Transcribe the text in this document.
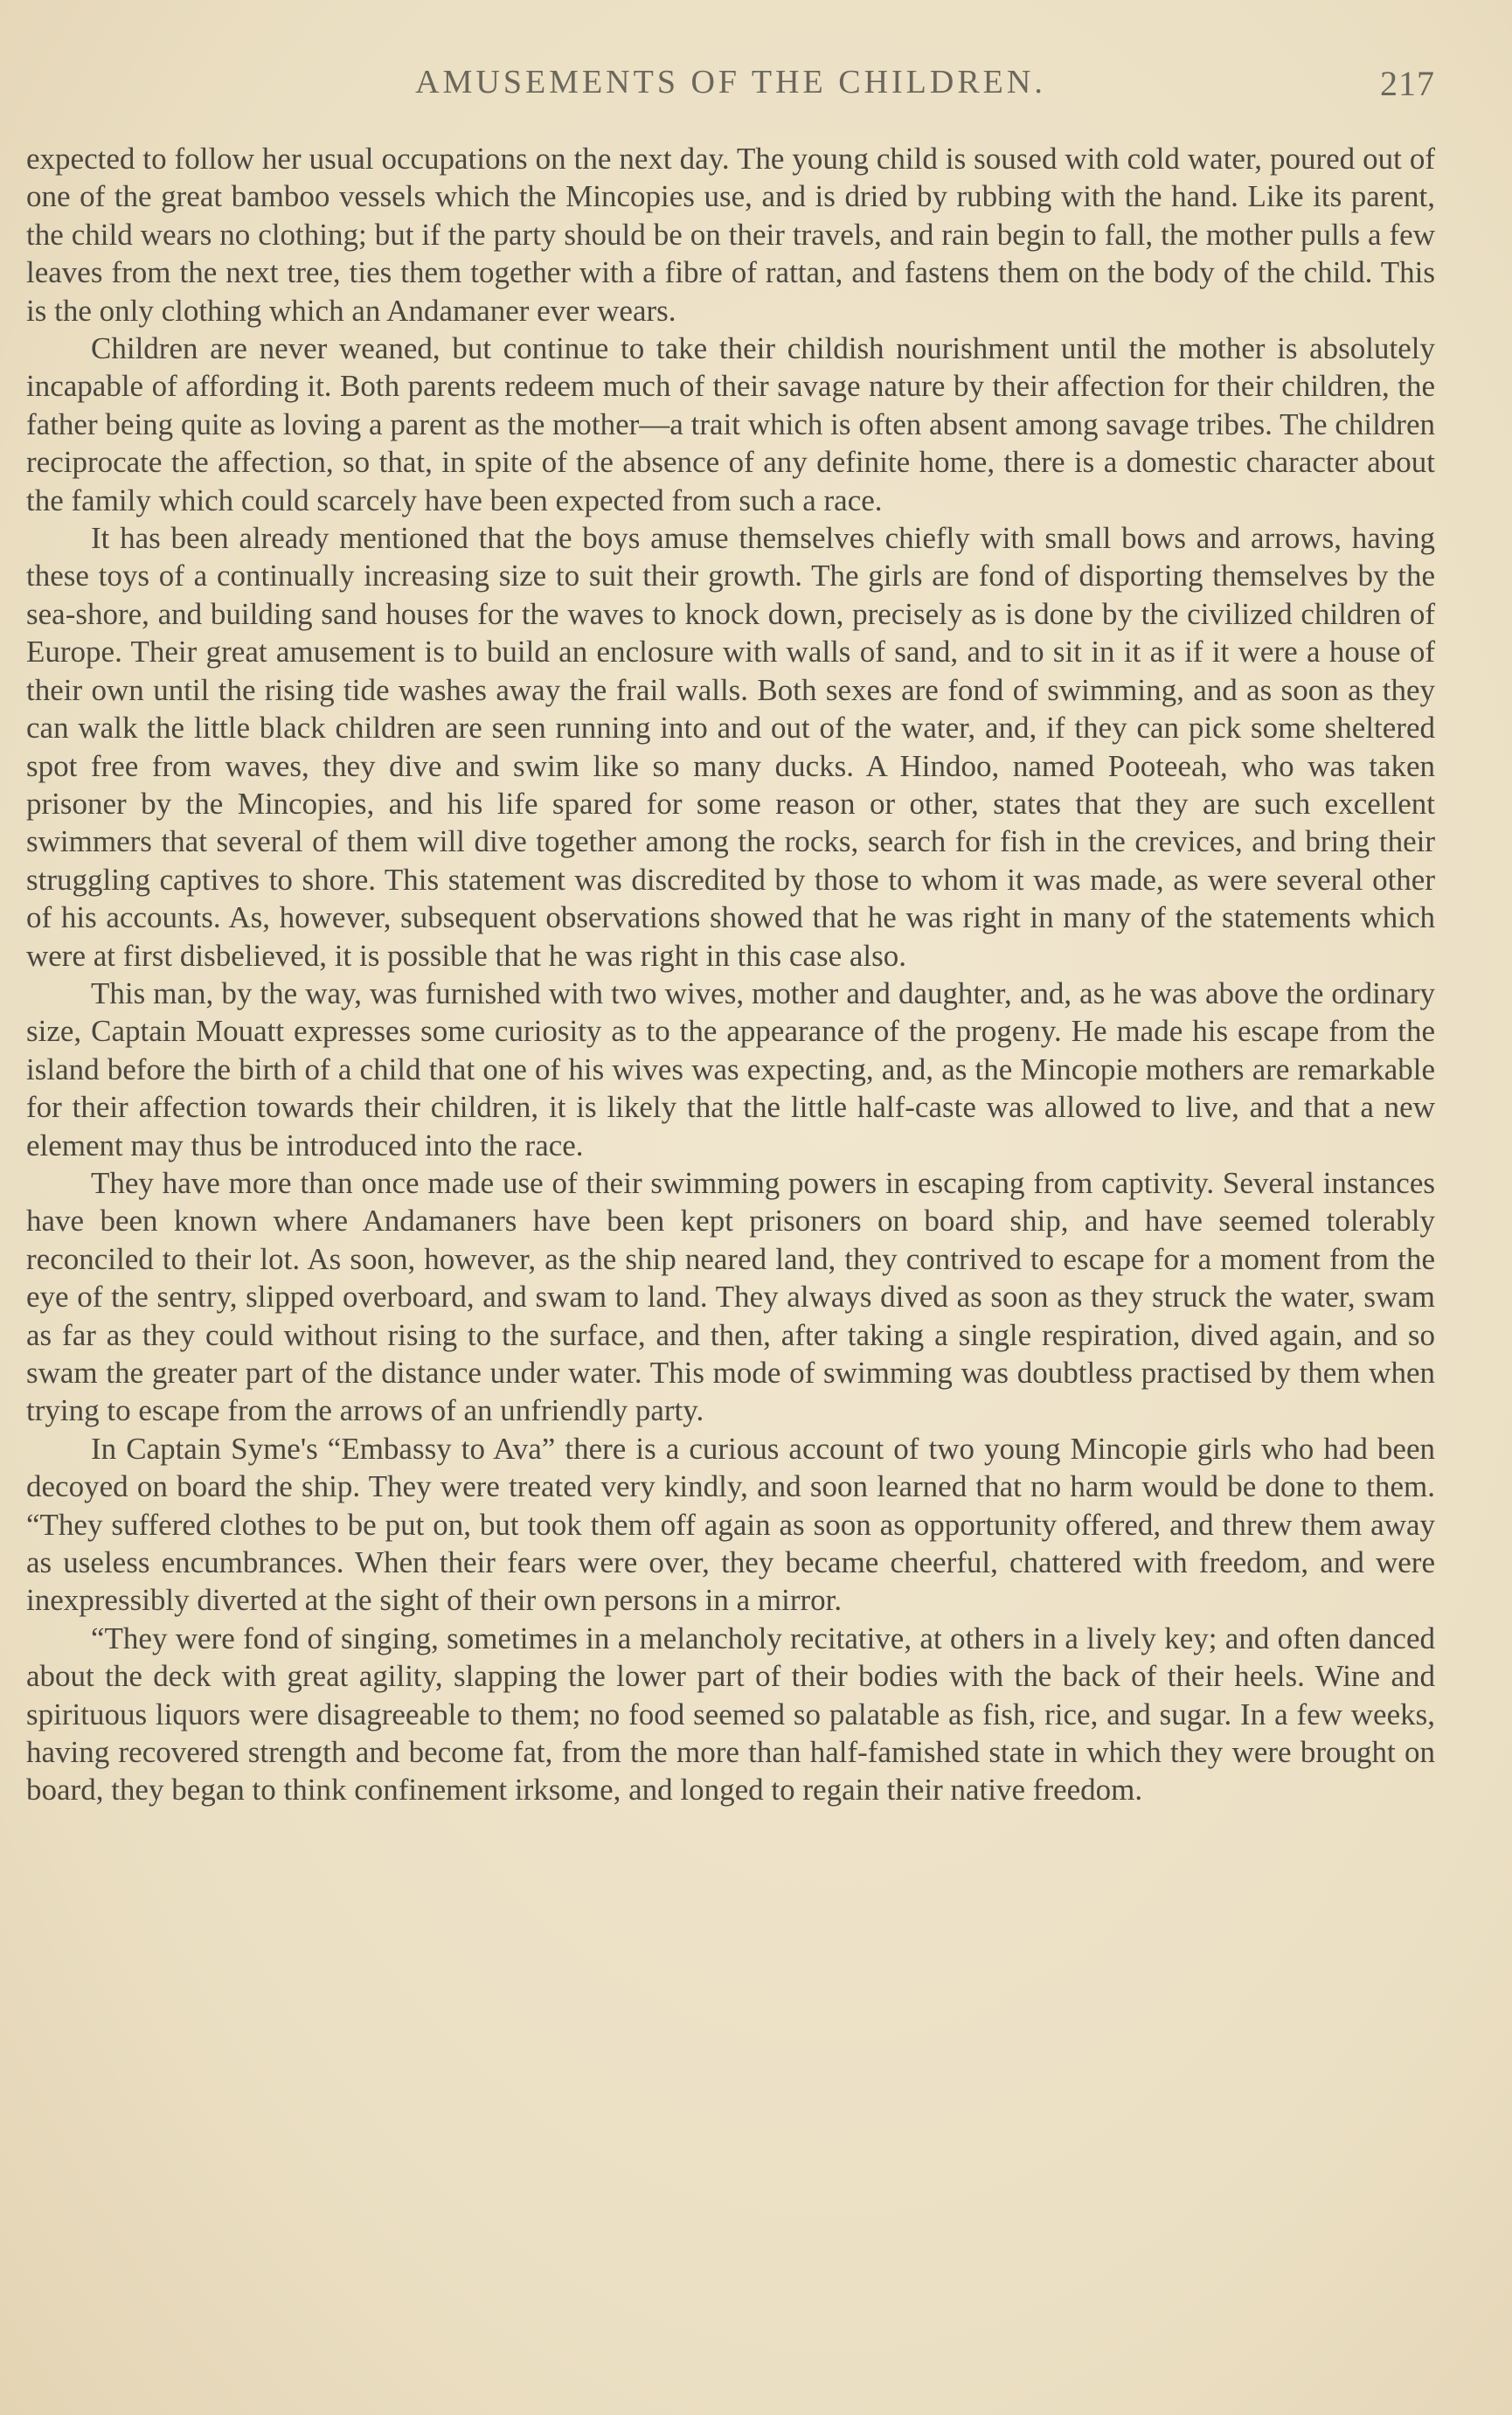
AMUSEMENTS OF THE CHILDREN.	217

expected to follow her usual occupations on the next day. The young child is soused with cold water, poured out of one of the great bamboo vessels which the Mincopies use, and is dried by rubbing with the hand. Like its parent, the child wears no clothing; but if the party should be on their travels, and rain begin to fall, the mother pulls a few leaves from the next tree, ties them together with a fibre of rattan, and fastens them on the body of the child. This is the only clothing which an Andamaner ever wears.

Children are never weaned, but continue to take their childish nourishment until the mother is absolutely incapable of affording it. Both parents redeem much of their savage nature by their affection for their children, the father being quite as loving a parent as the mother—a trait which is often absent among savage tribes. The children reciprocate the affection, so that, in spite of the absence of any definite home, there is a domestic character about the family which could scarcely have been expected from such a race.

It has been already mentioned that the boys amuse themselves chiefly with small bows and arrows, having these toys of a continually increasing size to suit their growth. The girls are fond of disporting themselves by the sea-shore, and building sand houses for the waves to knock down, precisely as is done by the civilized children of Europe. Their great amusement is to build an enclosure with walls of sand, and to sit in it as if it were a house of their own until the rising tide washes away the frail walls. Both sexes are fond of swimming, and as soon as they can walk the little black children are seen running into and out of the water, and, if they can pick some sheltered spot free from waves, they dive and swim like so many ducks. A Hindoo, named Pooteeah, who was taken prisoner by the Mincopies, and his life spared for some reason or other, states that they are such excellent swimmers that several of them will dive together among the rocks, search for fish in the crevices, and bring their struggling captives to shore. This statement was discredited by those to whom it was made, as were several other of his accounts. As, however, subsequent observations showed that he was right in many of the statements which were at first disbelieved, it is possible that he was right in this case also.

This man, by the way, was furnished with two wives, mother and daughter, and, as he was above the ordinary size, Captain Mouatt expresses some curiosity as to the appearance of the progeny. He made his escape from the island before the birth of a child that one of his wives was expecting, and, as the Mincopie mothers are remarkable for their affection towards their children, it is likely that the little half-caste was allowed to live, and that a new element may thus be introduced into the race.

They have more than once made use of their swimming powers in escaping from captivity. Several instances have been known where Andamaners have been kept prisoners on board ship, and have seemed tolerably reconciled to their lot. As soon, however, as the ship neared land, they contrived to escape for a moment from the eye of the sentry, slipped overboard, and swam to land. They always dived as soon as they struck the water, swam as far as they could without rising to the surface, and then, after taking a single respiration, dived again, and so swam the greater part of the distance under water. This mode of swimming was doubtless practised by them when trying to escape from the arrows of an unfriendly party.

In Captain Syme's “Embassy to Ava” there is a curious account of two young Mincopie girls who had been decoyed on board the ship. They were treated very kindly, and soon learned that no harm would be done to them. “They suffered clothes to be put on, but took them off again as soon as opportunity offered, and threw them away as useless encumbrances. When their fears were over, they became cheerful, chattered with freedom, and were inexpressibly diverted at the sight of their own persons in a mirror.

“They were fond of singing, sometimes in a melancholy recitative, at others in a lively key; and often danced about the deck with great agility, slapping the lower part of their bodies with the back of their heels. Wine and spirituous liquors were disagreeable to them; no food seemed so palatable as fish, rice, and sugar. In a few weeks, having recovered strength and become fat, from the more than half-famished state in which they were brought on board, they began to think confinement irksome, and longed to regain their native freedom.
